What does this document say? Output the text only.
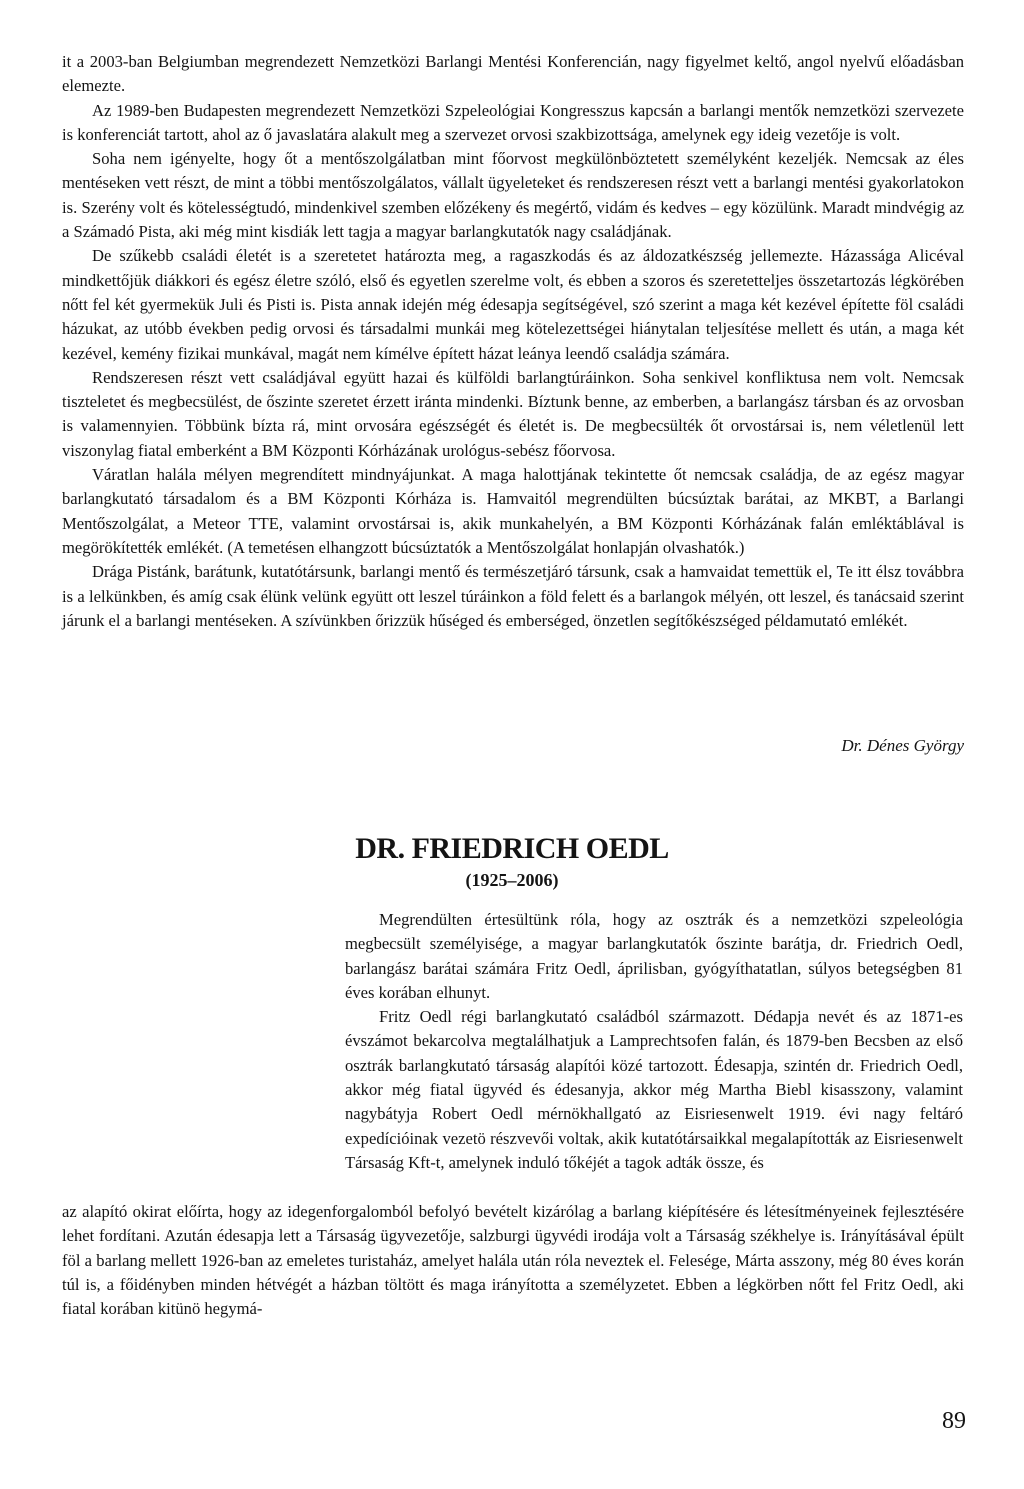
it a 2003-ban Belgiumban megrendezett Nemzetközi Barlangi Mentési Konferencián, nagy figyelmet keltő, angol nyelvű előadásban elemezte.

Az 1989-ben Budapesten megrendezett Nemzetközi Szpeleológiai Kongresszus kapcsán a barlangi mentők nemzetközi szervezete is konferenciát tartott, ahol az ő javaslatára alakult meg a szervezet orvosi szakbizottsága, amelynek egy ideig vezetője is volt.

Soha nem igényelte, hogy őt a mentőszolgálatban mint főorvost megkülönböztetett személyként kezeljék. Nemcsak az éles mentéseken vett részt, de mint a többi mentőszolgálatos, vállalt ügyeleteket és rendszeresen részt vett a barlangi mentési gyakorlatokon is. Szerény volt és kötelességtudó, mindenkivel szemben előzékeny és megértő, vidám és kedves – egy közülünk. Maradt mindvégig az a Számadó Pista, aki még mint kisdiák lett tagja a magyar barlangkutatók nagy családjának.

De szűkebb családi életét is a szeretetet határozta meg, a ragaszkodás és az áldozatkészség jellemezte. Házassága Alicéval mindkettőjük diákkori és egész életre szóló, első és egyetlen szerelme volt, és ebben a szoros és szeretetteljes összetartozás légkörében nőtt fel két gyermekük Juli és Pisti is. Pista annak idején még édesapja segítségével, szó szerint a maga két kezével építette föl családi házukat, az utóbb években pedig orvosi és társadalmi munkái meg kötelezettségei hiánytalan teljesítése mellett és után, a maga két kezével, kemény fizikai munkával, magát nem kímélve épített házat leánya leendő családja számára.

Rendszeresen részt vett családjával együtt hazai és külföldi barlangtúráinkon. Soha senkivel konfliktusa nem volt. Nemcsak tiszteletet és megbecsülést, de őszinte szeretet érzett iránta mindenki. Bíztunk benne, az emberben, a barlangász társban és az orvosban is valamennyien. Többünk bízta rá, mint orvosára egészségét és életét is. De megbecsülték őt orvostársai is, nem véletlenül lett viszonylag fiatal emberként a BM Központi Kórházának urológus-sebész főorvosa.

Váratlan halála mélyen megrendített mindnyájunkat. A maga halottjának tekintette őt nemcsak családja, de az egész magyar barlangkutató társadalom és a BM Központi Kórháza is. Hamvaitól megrendülten búcsúztak barátai, az MKBT, a Barlangi Mentőszolgálat, a Meteor TTE, valamint orvostársai is, akik munkahelyén, a BM Központi Kórházának falán emléktáblával is megörökítették emlékét. (A temetésen elhangzott búcsúztatók a Mentőszolgálat honlapján olvashatók.)

Drága Pistánk, barátunk, kutatótársunk, barlangi mentő és természetjáró társunk, csak a hamvaidat temettük el, Te itt élsz továbbra is a lelkünkben, és amíg csak élünk velünk együtt ott leszel túráinkon a föld felett és a barlangok mélyén, ott leszel, és tanácsaid szerint járunk el a barlangi mentéseken. A szívünkben őrizzük hűséged és emberséged, önzetlen segítőkészséged példamutató emlékét.

Dr. Dénes György
DR. FRIEDRICH OEDL
(1925–2006)

Megrendülten értesültünk róla, hogy az osztrák és a nemzetközi szpeleológia megbecsült személyisége, a magyar barlangkutatók őszinte barátja, dr. Friedrich Oedl, barlangász barátai számára Fritz Oedl, áprilisban, gyógyíthatatlan, súlyos betegségben 81 éves korában elhunyt.

Fritz Oedl régi barlangkutató családból származott. Dédapja nevét és az 1871-es évszámot bekarcolva megtalálhatjuk a Lamprechtsofen falán, és 1879-ben Becsben az első osztrák barlangkutató társaság alapítói közé tartozott. Édesapja, szintén dr. Friedrich Oedl, akkor még fiatal ügyvéd és édesanyja, akkor még Martha Biebl kisasszony, valamint nagybátyja Robert Oedl mérnökhallgató az Eisriesenwelt 1919. évi nagy feltáró expedícióinak vezetö részvevői voltak, akik kutatótársaikkal megalapították az Eisriesenwelt Társaság Kft-t, amelynek induló tőkéjét a tagok adták össze, és

az alapító okirat előírta, hogy az idegenforgalomból befolyó bevételt kizárólag a barlang kiépítésére és létesítményeinek fejlesztésére lehet fordítani. Azután édesapja lett a Társaság ügyvezetője, salzburgi ügyvédi irodája volt a Társaság székhelye is. Irányításával épült föl a barlang mellett 1926-ban az emeletes turistaház, amelyet halála után róla neveztek el. Felesége, Márta asszony, még 80 éves korán túl is, a főidényben minden hétvégét a házban töltött és maga irányította a személyzetet. Ebben a légkörben nőtt fel Fritz Oedl, aki fiatal korában kitünö hegymá-

89
